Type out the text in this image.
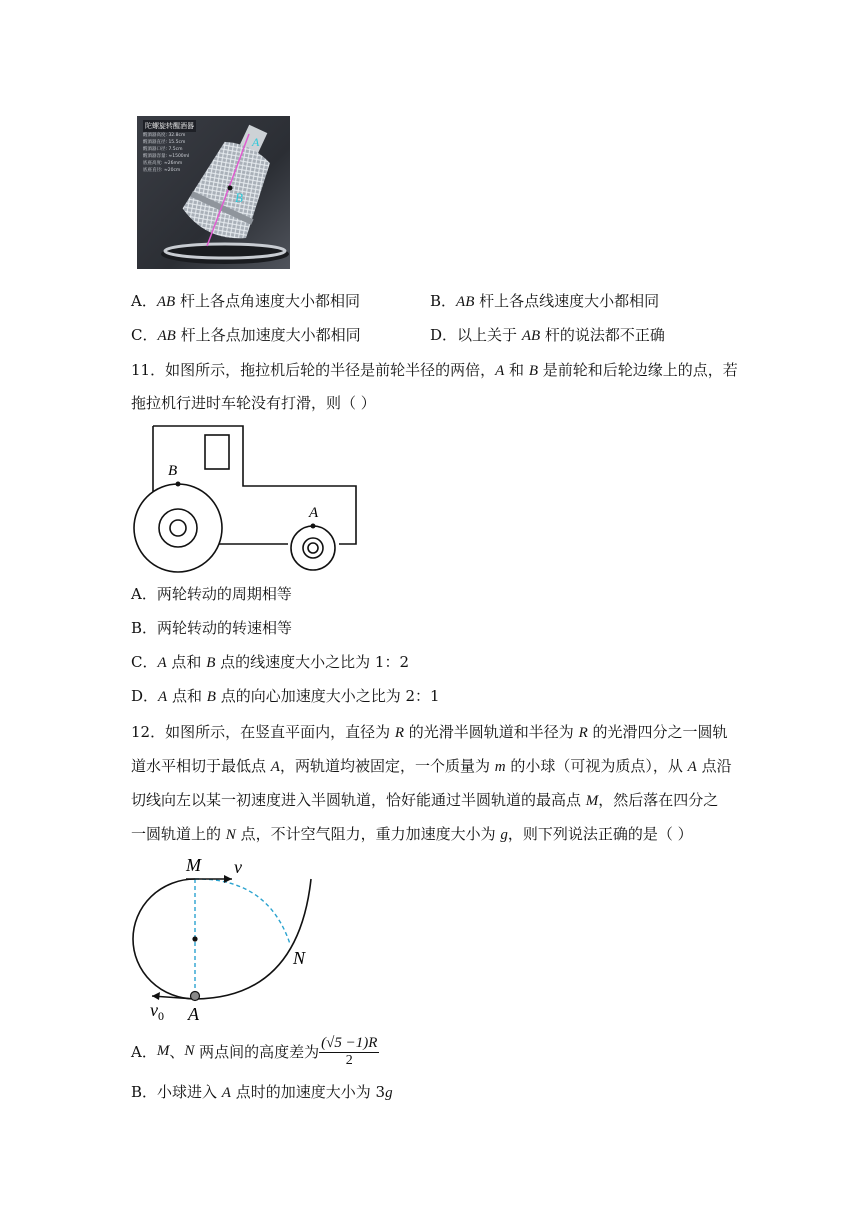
陀螺旋转醒酒器
醒酒器高度: 32.8cm
醒酒器直径: 15.5cm
醒酒器口径: 7.5cm
醒酒器容量: ≈1500ml
底座高度: ≈26mm
底座直径: ≈20cm
A
B
A．AB 杆上各点角速度大小都相同	B．AB 杆上各点线速度大小都相同
C．AB 杆上各点加速度大小都相同	D．以上关于 AB 杆的说法都不正确
11．如图所示，拖拉机后轮的半径是前轮半径的两倍，A 和 B 是前轮和后轮边缘上的点，若
拖拉机行进时车轮没有打滑，则（ ）
B
A
A．两轮转动的周期相等
B．两轮转动的转速相等
C．A 点和 B 点的线速度大小之比为 1：2
D．A 点和 B 点的向心加速度大小之比为 2：1
12．如图所示，在竖直平面内，直径为 R 的光滑半圆轨道和半径为 R 的光滑四分之一圆轨
道水平相切于最低点 A，两轨道均被固定，一个质量为 m 的小球（可视为质点），从 A 点沿
切线向左以某一初速度进入半圆轨道，恰好能通过半圆轨道的最高点 M，然后落在四分之
一圆轨道上的 N 点，不计空气阻力，重力加速度大小为 g，则下列说法正确的是（ ）
M v
N
$v_0$ A
A．M、N 两点间的高度差为 $\frac{(√5 -1)R}{2}$
B．小球进入 A 点时的加速度大小为 3g
